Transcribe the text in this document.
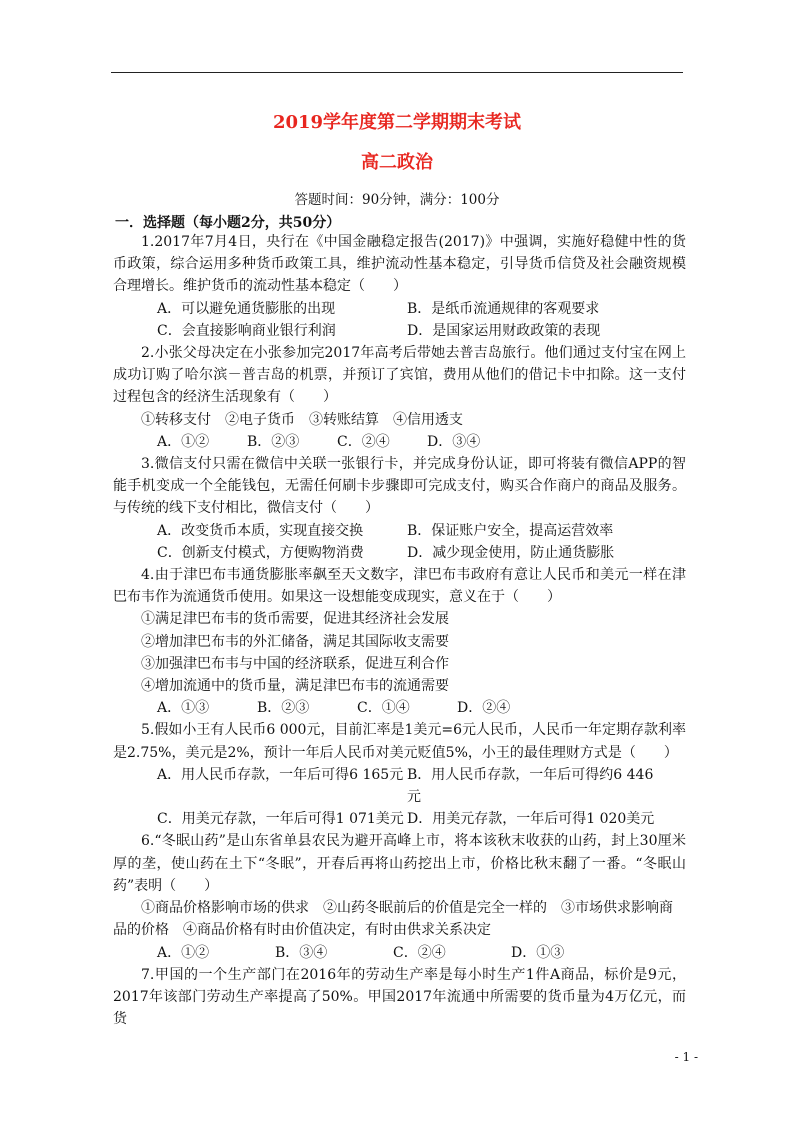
2019学年度第二学期期末考试
高二政治
答题时间：90分钟，满分：100分
一．选择题（每小题2分，共50分）

1.2017年7月4日，央行在《中国金融稳定报告(2017)》中强调，实施好稳健中性的货币政策，综合运用多种货币政策工具，维护流动性基本稳定，引导货币信贷及社会融资规模合理增长。维护货币的流动性基本稳定（　　）

A．可以避免通货膨胀的出现	B．是纸币流通规律的客观要求
C．会直接影响商业银行利润	D．是国家运用财政政策的表现

2.小张父母决定在小张参加完2017年高考后带她去普吉岛旅行。他们通过支付宝在网上成功订购了哈尔滨－普吉岛的机票，并预订了宾馆，费用从他们的借记卡中扣除。这一支付过程包含的经济生活现象有（　　）

①转移支付　②电子货币　③转账结算　④信用透支

A．①②	B．②③	C．②④	D．③④

3.微信支付只需在微信中关联一张银行卡，并完成身份认证，即可将装有微信APP的智能手机变成一个全能钱包，无需任何刷卡步骤即可完成支付，购买合作商户的商品及服务。与传统的线下支付相比，微信支付（　　）

A．改变货币本质，实现直接交换	B．保证账户安全，提高运营效率
C．创新支付模式，方便购物消费	D．减少现金使用，防止通货膨胀

4.由于津巴布韦通货膨胀率飙至天文数字，津巴布韦政府有意让人民币和美元一样在津巴布韦作为流通货币使用。如果这一设想能变成现实，意义在于（　　）

①满足津巴布韦的货币需要，促进其经济社会发展

②增加津巴布韦的外汇储备，满足其国际收支需要

③加强津巴布韦与中国的经济联系，促进互利合作

④增加流通中的货币量，满足津巴布韦的流通需要

A．①③	B．②③	C．①④	D．②④

5.假如小王有人民币6 000元，目前汇率是1美元=6元人民币，人民币一年定期存款利率是2.75%，美元是2%，预计一年后人民币对美元贬值5%，小王的最佳理财方式是（　　）

A．用人民币存款，一年后可得6 165元 B．用人民币存款，一年后可得约6 446元
C．用美元存款，一年后可得1 071美元 D．用美元存款，一年后可得1 020美元

6.“冬眠山药”是山东省单县农民为避开高峰上市，将本该秋末收获的山药，封上30厘米厚的垄，使山药在土下“冬眠”，开春后再将山药挖出上市，价格比秋末翻了一番。“冬眠山药”表明（　　）

①商品价格影响市场的供求　②山药冬眠前后的价值是完全一样的　③市场供求影响商品的价格　④商品价格有时由价值决定，有时由供求关系决定

A．①②	B．③④	C．②④	D．①③

7.甲国的一个生产部门在2016年的劳动生产率是每小时生产1件A商品，标价是9元，2017年该部门劳动生产率提高了50%。甲国2017年流通中所需要的货币量为4万亿元，而货

- 1 -
